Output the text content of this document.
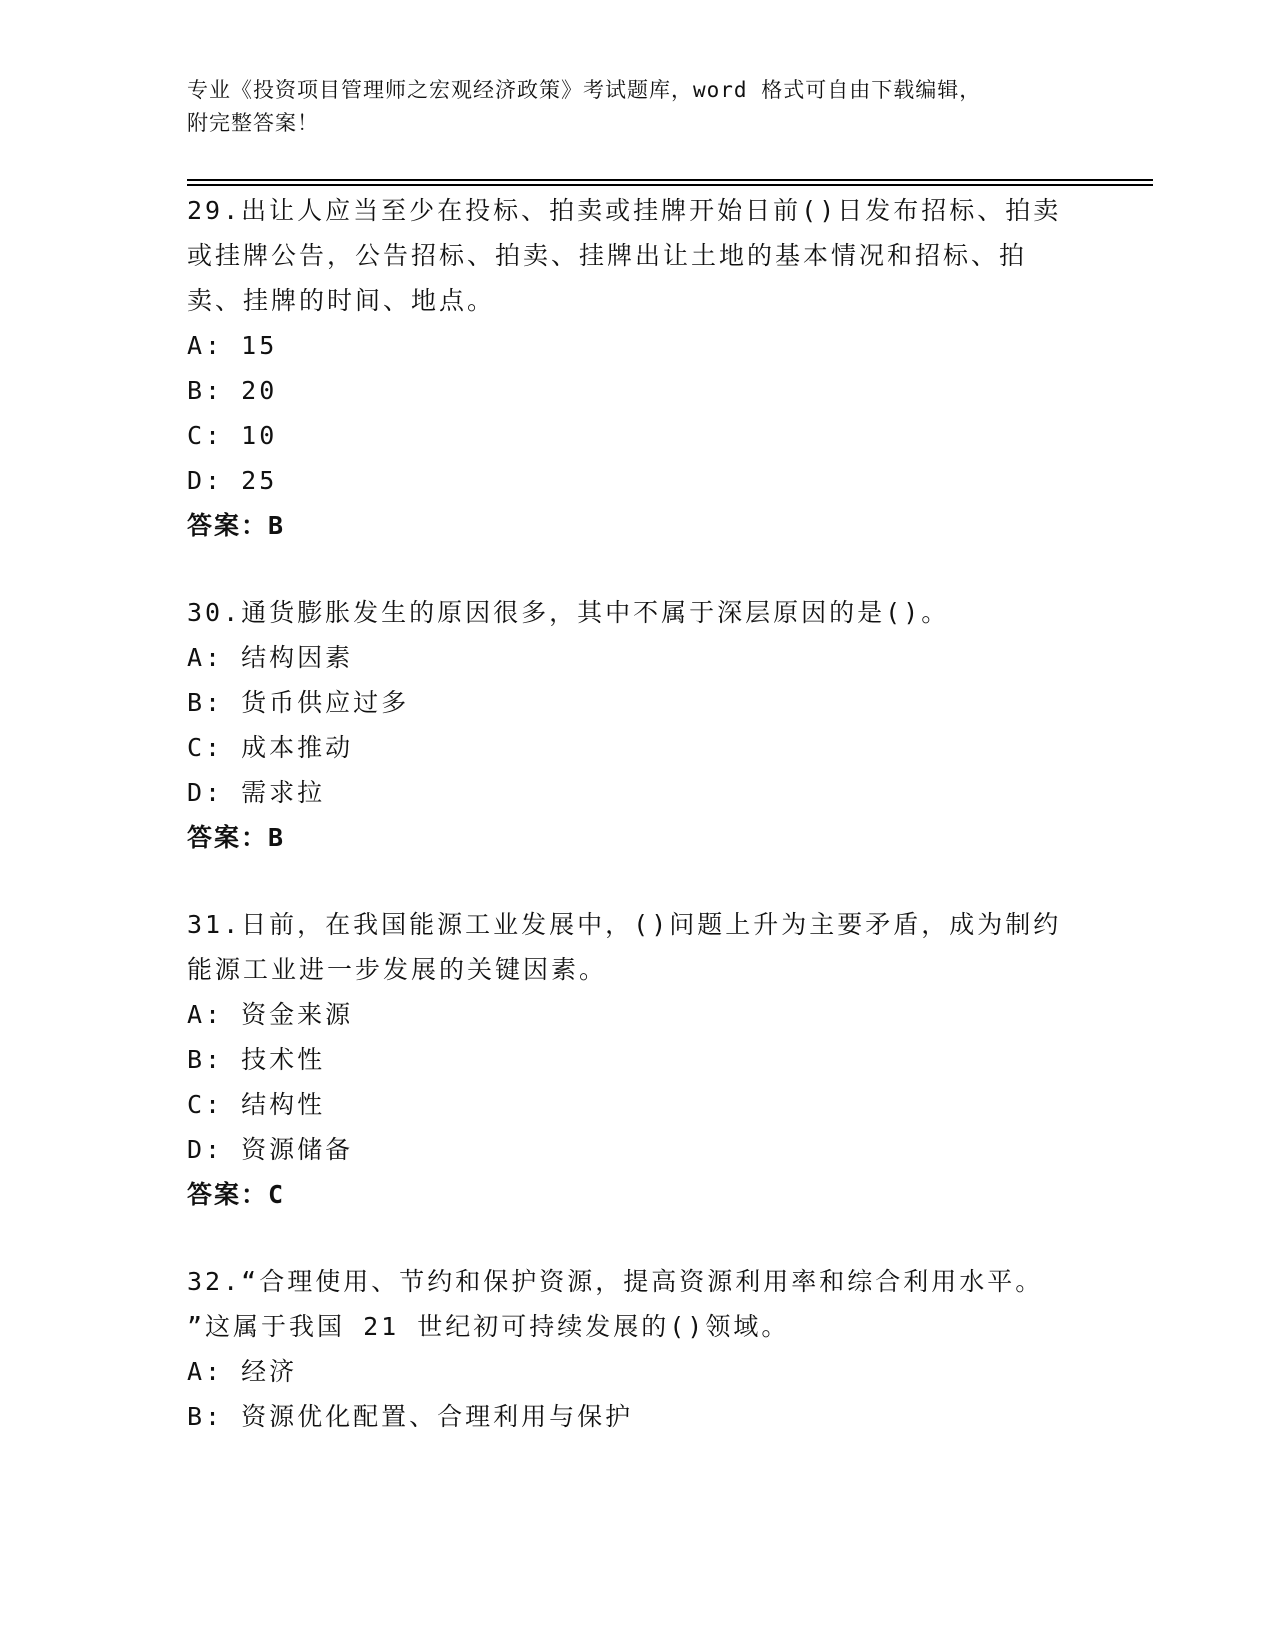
专业《投资项目管理师之宏观经济政策》考试题库，word 格式可自由下载编辑，
附完整答案！

29.出让人应当至少在投标、拍卖或挂牌开始日前()日发布招标、拍卖

或挂牌公告，公告招标、拍卖、挂牌出让土地的基本情况和招标、拍

卖、挂牌的时间、地点。

A: 15

B: 20

C: 10

D: 25

答案：B

30.通货膨胀发生的原因很多，其中不属于深层原因的是()。

A: 结构因素

B: 货币供应过多

C: 成本推动

D: 需求拉

答案：B

31.日前，在我国能源工业发展中，()问题上升为主要矛盾，成为制约

能源工业进一步发展的关键因素。

A: 资金来源

B: 技术性

C: 结构性

D: 资源储备

答案：C

32.“合理使用、节约和保护资源，提高资源利用率和综合利用水平。

”这属于我国 21 世纪初可持续发展的()领域。

A: 经济

B: 资源优化配置、合理利用与保护
